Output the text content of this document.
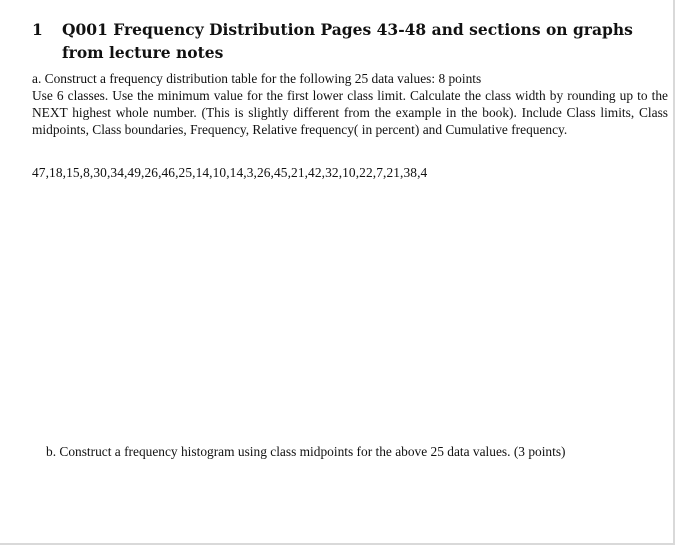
1 Q001 Frequency Distribution Pages 43-48 and sections on graphs from lecture notes

a. Construct a frequency distribution table for the following 25 data values: 8 points

Use 6 classes. Use the minimum value for the first lower class limit. Calculate the class width by rounding up to the NEXT highest whole number. (This is slightly different from the example in the book). Include Class limits, Class midpoints, Class boundaries, Frequency, Relative frequency( in percent) and Cumulative frequency.

47,18,15,8,30,34,49,26,46,25,14,10,14,3,26,45,21,42,32,10,22,7,21,38,4
b. Construct a frequency histogram using class midpoints for the above 25 data values. (3 points)
